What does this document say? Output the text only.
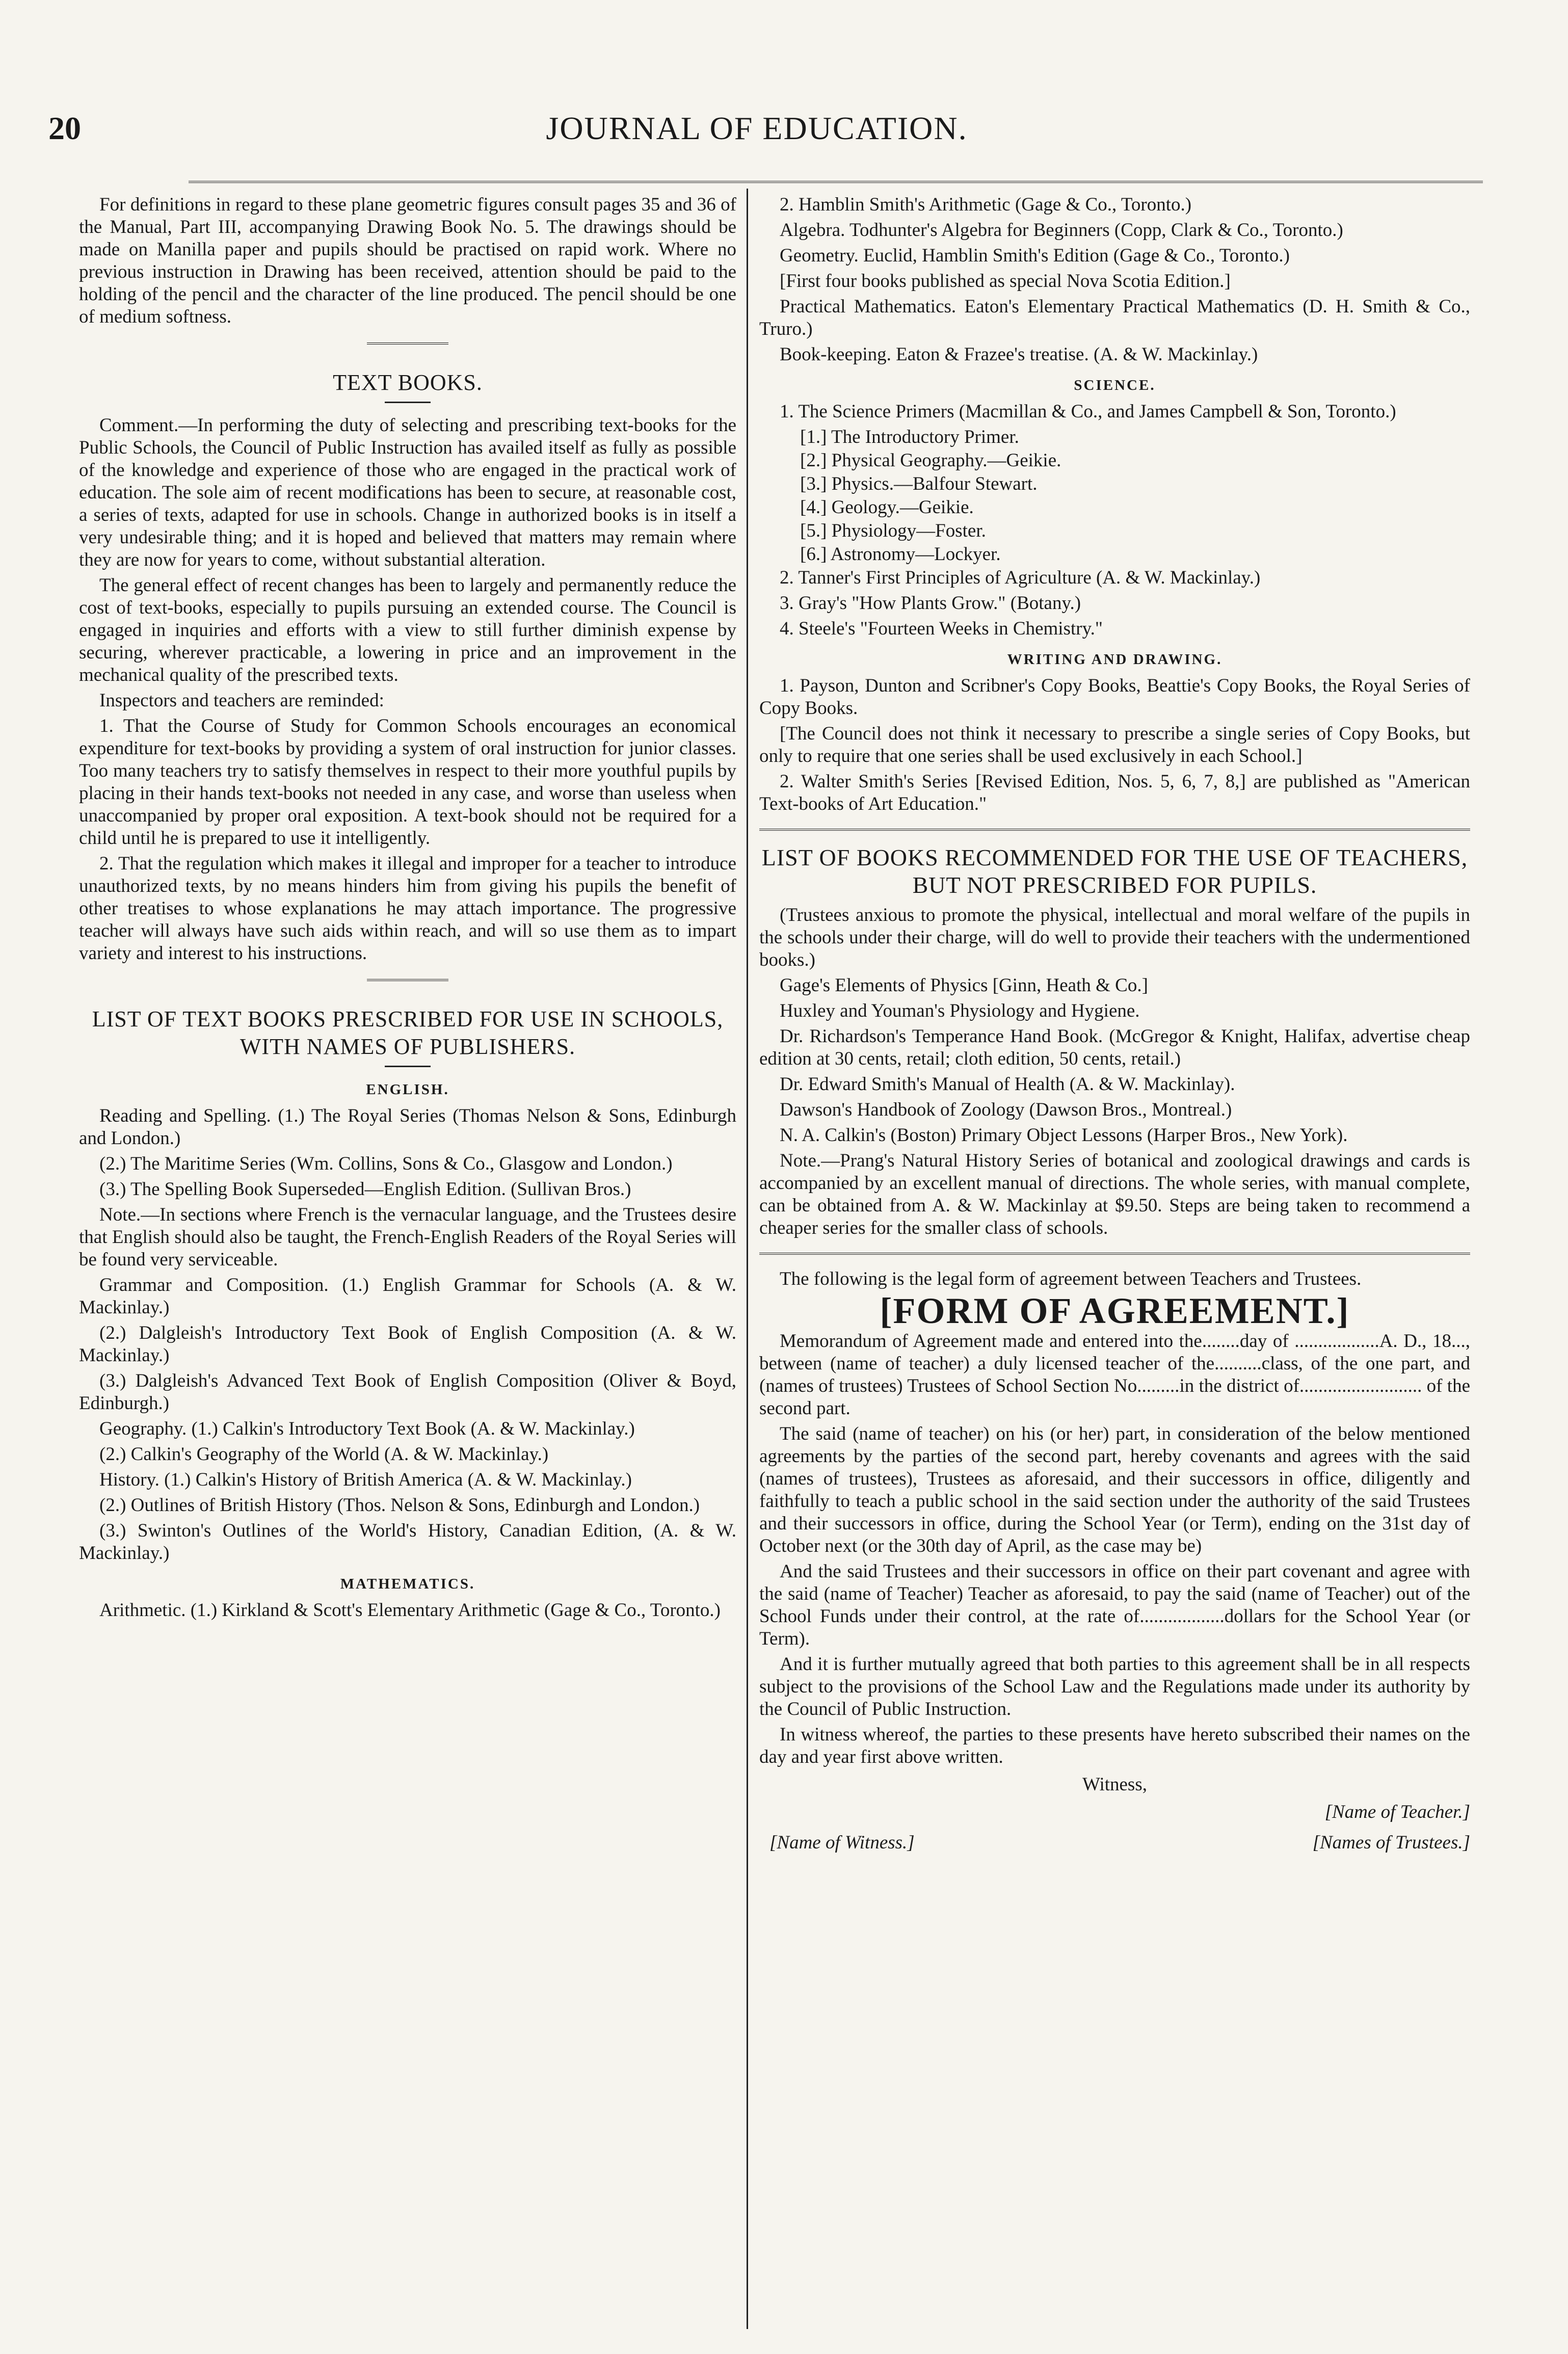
20	JOURNAL OF EDUCATION.

For definitions in regard to these plane geometric figures consult pages 35 and 36 of the Manual, Part III, accompanying Drawing Book No. 5. The drawings should be made on Manilla paper and pupils should be practised on rapid work. Where no previous instruction in Drawing has been received, attention should be paid to the holding of the pencil and the character of the line produced. The pencil should be one of medium softness.

TEXT BOOKS.

Comment.—In performing the duty of selecting and prescribing text-books for the Public Schools, the Council of Public Instruction has availed itself as fully as possible of the knowledge and experience of those who are engaged in the practical work of education. The sole aim of recent modifications has been to secure, at reasonable cost, a series of texts, adapted for use in schools. Change in authorized books is in itself a very undesirable thing; and it is hoped and believed that matters may remain where they are now for years to come, without substantial alteration.

The general effect of recent changes has been to largely and permanently reduce the cost of text-books, especially to pupils pursuing an extended course. The Council is engaged in inquiries and efforts with a view to still further diminish expense by securing, wherever practicable, a lowering in price and an improvement in the mechanical quality of the prescribed texts.

Inspectors and teachers are reminded:

1. That the Course of Study for Common Schools encourages an economical expenditure for text-books by providing a system of oral instruction for junior classes. Too many teachers try to satisfy themselves in respect to their more youthful pupils by placing in their hands text-books not needed in any case, and worse than useless when unaccompanied by proper oral exposition. A text-book should not be required for a child until he is prepared to use it intelligently.

2. That the regulation which makes it illegal and improper for a teacher to introduce unauthorized texts, by no means hinders him from giving his pupils the benefit of other treatises to whose explanations he may attach importance. The progressive teacher will always have such aids within reach, and will so use them as to impart variety and interest to his instructions.

LIST OF TEXT BOOKS PRESCRIBED FOR USE IN SCHOOLS, WITH NAMES OF PUBLISHERS.
ENGLISH.

Reading and Spelling. (1.) The Royal Series (Thomas Nelson & Sons, Edinburgh and London.)

(2.) The Maritime Series (Wm. Collins, Sons & Co., Glasgow and London.)

(3.) The Spelling Book Superseded—English Edition. (Sullivan Bros.)

Note.—In sections where French is the vernacular language, and the Trustees desire that English should also be taught, the French-English Readers of the Royal Series will be found very serviceable.

Grammar and Composition. (1.) English Grammar for Schools (A. & W. Mackinlay.)

(2.) Dalgleish's Introductory Text Book of English Composition (A. & W. Mackinlay.)

(3.) Dalgleish's Advanced Text Book of English Composition (Oliver & Boyd, Edinburgh.)

Geography. (1.) Calkin's Introductory Text Book (A. & W. Mackinlay.)

(2.) Calkin's Geography of the World (A. & W. Mackinlay.)

History. (1.) Calkin's History of British America (A. & W. Mackinlay.)

(2.) Outlines of British History (Thos. Nelson & Sons, Edinburgh and London.)

(3.) Swinton's Outlines of the World's History, Canadian Edition, (A. & W. Mackinlay.)

MATHEMATICS.

Arithmetic. (1.) Kirkland & Scott's Elementary Arithmetic (Gage & Co., Toronto.)

2. Hamblin Smith's Arithmetic (Gage & Co., Toronto.)

Algebra. Todhunter's Algebra for Beginners (Copp, Clark & Co., Toronto.)

Geometry. Euclid, Hamblin Smith's Edition (Gage & Co., Toronto.)

[First four books published as special Nova Scotia Edition.]

Practical Mathematics. Eaton's Elementary Practical Mathematics (D. H. Smith & Co., Truro.)

Book-keeping. Eaton & Frazee's treatise. (A. & W. Mackinlay.)

SCIENCE.

1. The Science Primers (Macmillan & Co., and James Campbell & Son, Toronto.)

[1.] The Introductory Primer.

[2.] Physical Geography.—Geikie.

[3.] Physics.—Balfour Stewart.

[4.] Geology.—Geikie.

[5.] Physiology—Foster.

[6.] Astronomy—Lockyer.

2. Tanner's First Principles of Agriculture (A. & W. Mackinlay.)

3. Gray's "How Plants Grow." (Botany.)

4. Steele's "Fourteen Weeks in Chemistry."

WRITING AND DRAWING.

1. Payson, Dunton and Scribner's Copy Books, Beattie's Copy Books, the Royal Series of Copy Books.

[The Council does not think it necessary to prescribe a single series of Copy Books, but only to require that one series shall be used exclusively in each School.]

2. Walter Smith's Series [Revised Edition, Nos. 5, 6, 7, 8,] are published as "American Text-books of Art Education."

LIST OF BOOKS RECOMMENDED FOR THE USE OF TEACHERS, BUT NOT PRESCRIBED FOR PUPILS.

(Trustees anxious to promote the physical, intellectual and moral welfare of the pupils in the schools under their charge, will do well to provide their teachers with the undermentioned books.)

Gage's Elements of Physics [Ginn, Heath & Co.]

Huxley and Youman's Physiology and Hygiene.

Dr. Richardson's Temperance Hand Book. (McGregor & Knight, Halifax, advertise cheap edition at 30 cents, retail; cloth edition, 50 cents, retail.)

Dr. Edward Smith's Manual of Health (A. & W. Mackinlay).

Dawson's Handbook of Zoology (Dawson Bros., Montreal.)

N. A. Calkin's (Boston) Primary Object Lessons (Harper Bros., New York).

Note.—Prang's Natural History Series of botanical and zoological drawings and cards is accompanied by an excellent manual of directions. The whole series, with manual complete, can be obtained from A. & W. Mackinlay at $9.50. Steps are being taken to recommend a cheaper series for the smaller class of schools.

The following is the legal form of agreement between Teachers and Trustees.

[FORM OF AGREEMENT.]

Memorandum of Agreement made and entered into the........day of ..................A. D., 18..., between (name of teacher) a duly licensed teacher of the..........class, of the one part, and (names of trustees) Trustees of School Section No.........in the district of.......................... of the second part.

The said (name of teacher) on his (or her) part, in consideration of the below mentioned agreements by the parties of the second part, hereby covenants and agrees with the said (names of trustees), Trustees as aforesaid, and their successors in office, diligently and faithfully to teach a public school in the said section under the authority of the said Trustees and their successors in office, during the School Year (or Term), ending on the 31st day of October next (or the 30th day of April, as the case may be)

And the said Trustees and their successors in office on their part covenant and agree with the said (name of Teacher) Teacher as aforesaid, to pay the said (name of Teacher) out of the School Funds under their control, at the rate of..................dollars for the School Year (or Term).

And it is further mutually agreed that both parties to this agreement shall be in all respects subject to the provisions of the School Law and the Regulations made under its authority by the Council of Public Instruction.

In witness whereof, the parties to these presents have hereto subscribed their names on the day and year first above written.

Witness,
[Name of Teacher.]
[Name of Witness.]	[Names of Trustees.]
